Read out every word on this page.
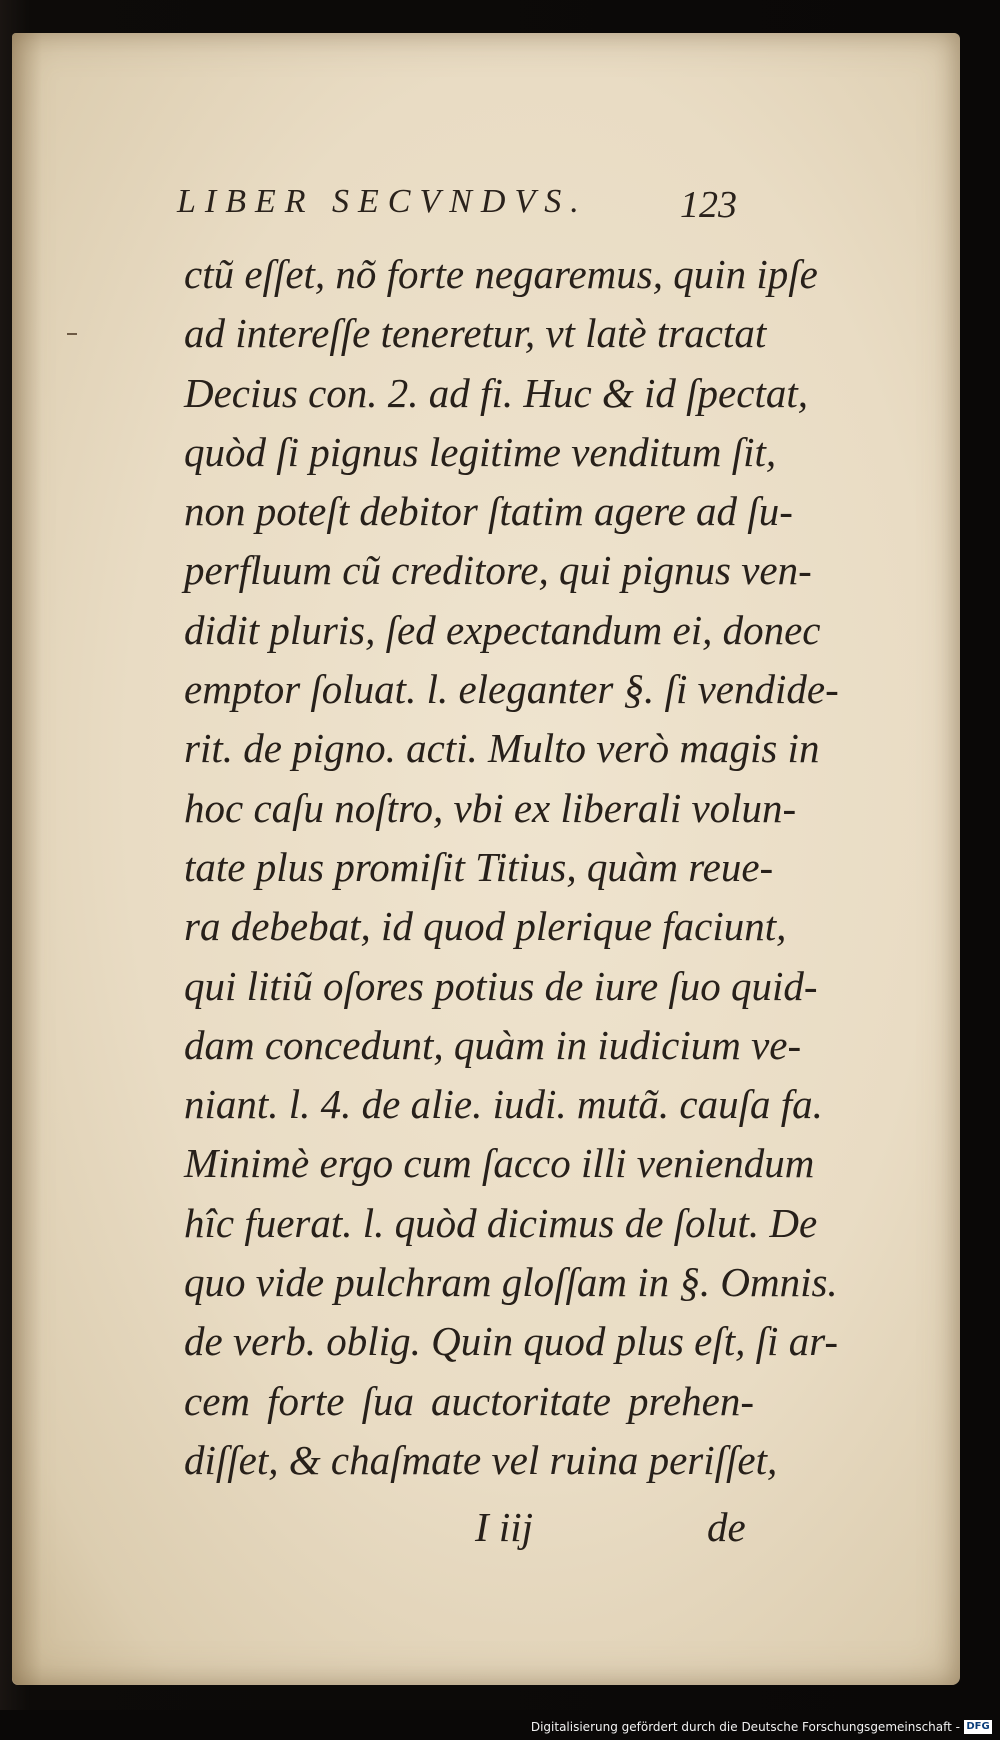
LIBER SECVNDVS. 123
ctũ eſſet, nõ forte negaremus, quin ipſe
ad intereſſe teneretur, vt latè tractat
Decius con. 2. ad fi. Huc & id ſpectat,
quòd ſi pignus legitime venditum ſit,
non poteſt debitor ſtatim agere ad ſu-
perfluum cũ creditore, qui pignus ven-
didit pluris, ſed expectandum ei, donec
emptor ſoluat. l. eleganter §. ſi vendide-
rit. de pigno. acti. Multo verò magis in
hoc caſu noſtro, vbi ex liberali volun-
tate plus promiſit Titius, quàm reue-
ra debebat, id quod plerique faciunt,
qui litiũ oſores potius de iure ſuo quid-
dam concedunt, quàm in iudicium ve-
niant. l. 4. de alie. iudi. mutã. cauſa fa.
Minimè ergo cum ſacco illi veniendum
hîc fuerat. l. quòd dicimus de ſolut. De
quo vide pulchram gloſſam in §. Omnis.
de verb. oblig. Quin quod plus eſt, ſi ar-
cem forte ſua auctoritate prehen-
diſſet, & chaſmate vel ruina periſſet,
I iij	de
Digitalisierung gefördert durch die Deutsche Forschungsgemeinschaft - DFG
